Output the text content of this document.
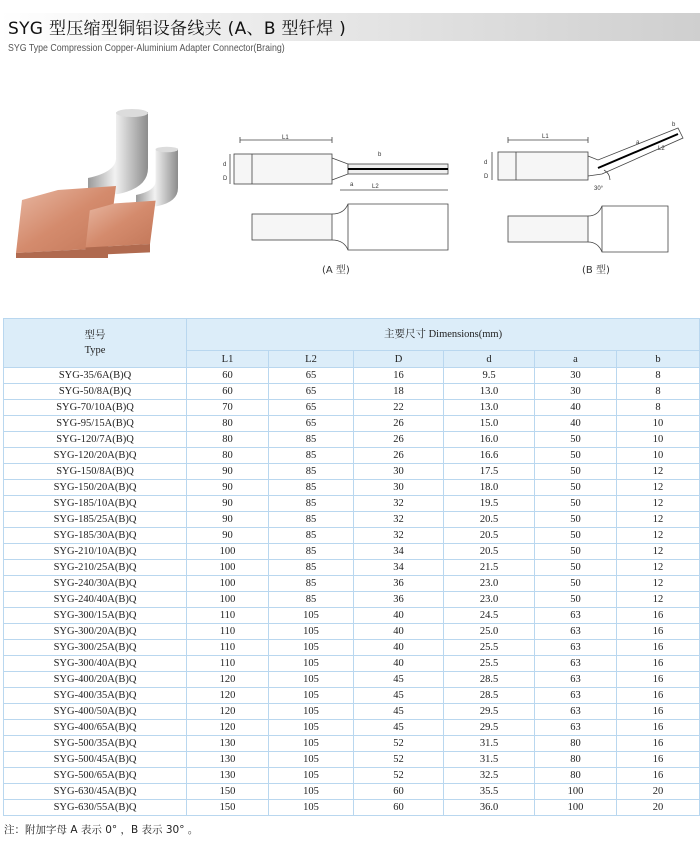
SYG 型压缩型铜铝设备线夹 (A、B 型钎焊 )
SYG Type Compression Copper-Aluminium Adapter Connector(Braing)
L1
L2
d
D
b
a
(A 型)
L1
L2
d
D
b
a
30°
(B 型)
型号
Type	主要尺寸 Dimensions(mm)					
	L1	L2	D	d	a	b
SYG-35/6A(B)Q	60	65	16	9.5	30	8
SYG-50/8A(B)Q	60	65	18	13.0	30	8
SYG-70/10A(B)Q	70	65	22	13.0	40	8
SYG-95/15A(B)Q	80	65	26	15.0	40	10
SYG-120/7A(B)Q	80	85	26	16.0	50	10
SYG-120/20A(B)Q	80	85	26	16.6	50	10
SYG-150/8A(B)Q	90	85	30	17.5	50	12
SYG-150/20A(B)Q	90	85	30	18.0	50	12
SYG-185/10A(B)Q	90	85	32	19.5	50	12
SYG-185/25A(B)Q	90	85	32	20.5	50	12
SYG-185/30A(B)Q	90	85	32	20.5	50	12
SYG-210/10A(B)Q	100	85	34	20.5	50	12
SYG-210/25A(B)Q	100	85	34	21.5	50	12
SYG-240/30A(B)Q	100	85	36	23.0	50	12
SYG-240/40A(B)Q	100	85	36	23.0	50	12
SYG-300/15A(B)Q	110	105	40	24.5	63	16
SYG-300/20A(B)Q	110	105	40	25.0	63	16
SYG-300/25A(B)Q	110	105	40	25.5	63	16
SYG-300/40A(B)Q	110	105	40	25.5	63	16
SYG-400/20A(B)Q	120	105	45	28.5	63	16
SYG-400/35A(B)Q	120	105	45	28.5	63	16
SYG-400/50A(B)Q	120	105	45	29.5	63	16
SYG-400/65A(B)Q	120	105	45	29.5	63	16
SYG-500/35A(B)Q	130	105	52	31.5	80	16
SYG-500/45A(B)Q	130	105	52	31.5	80	16
SYG-500/65A(B)Q	130	105	52	32.5	80	16
SYG-630/45A(B)Q	150	105	60	35.5	100	20
SYG-630/55A(B)Q	150	105	60	36.0	100	20
注：附加字母 A 表示 0° ，B 表示 30° 。
